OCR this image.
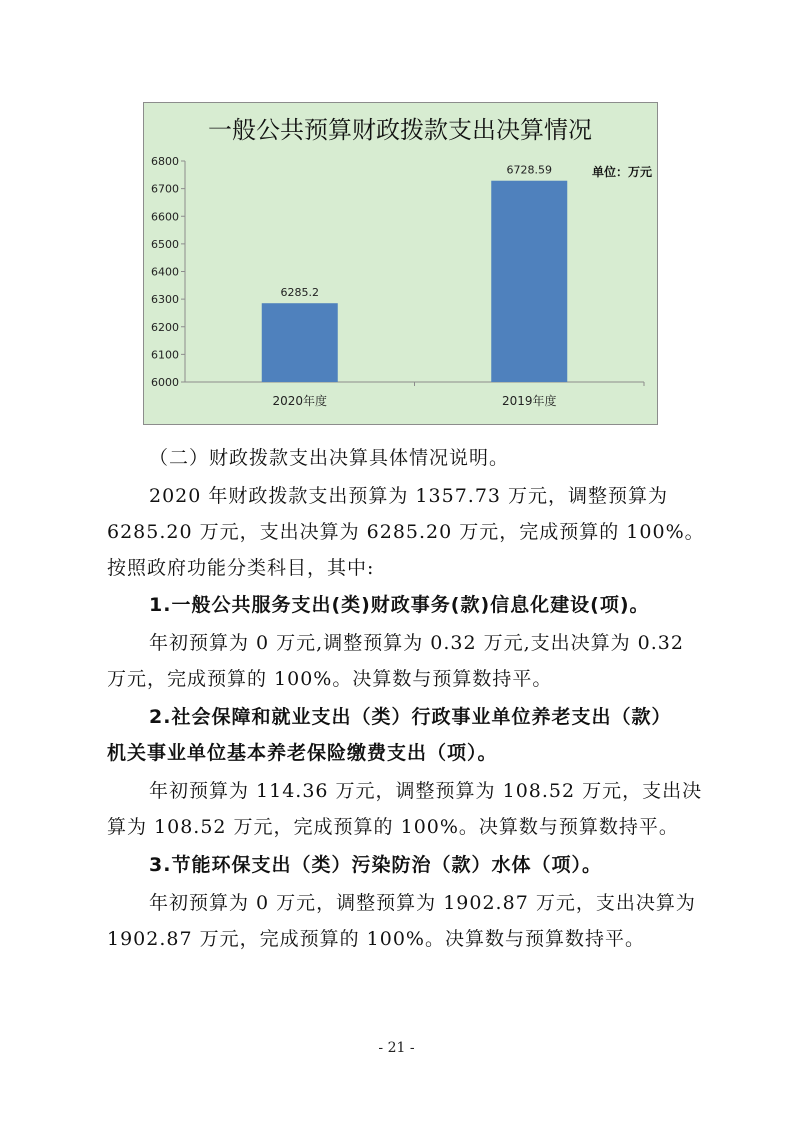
一般公共预算财政拨款支出决算情况
单位：万元
6000
6100
6200
6300
6400
6500
6600
6700
6800
6285.2
2020年度
6728.59
2019年度
（二）财政拨款支出决算具体情况说明。
2020 年财政拨款支出预算为 1357.73 万元，调整预算为
6285.20 万元，支出决算为 6285.20 万元，完成预算的 100%。
按照政府功能分类科目，其中:
1.一般公共服务支出(类)财政事务(款)信息化建设(项)。
年初预算为 0 万元,调整预算为 0.32 万元,支出决算为 0.32
万元，完成预算的 100%。决算数与预算数持平。
2.社会保障和就业支出（类）行政事业单位养老支出（款）
机关事业单位基本养老保险缴费支出（项）。
年初预算为 114.36 万元，调整预算为 108.52 万元，支出决
算为 108.52 万元，完成预算的 100%。决算数与预算数持平。
3.节能环保支出（类）污染防治（款）水体（项）。
年初预算为 0 万元，调整预算为 1902.87 万元，支出决算为
1902.87 万元，完成预算的 100%。决算数与预算数持平。
- 21 -
